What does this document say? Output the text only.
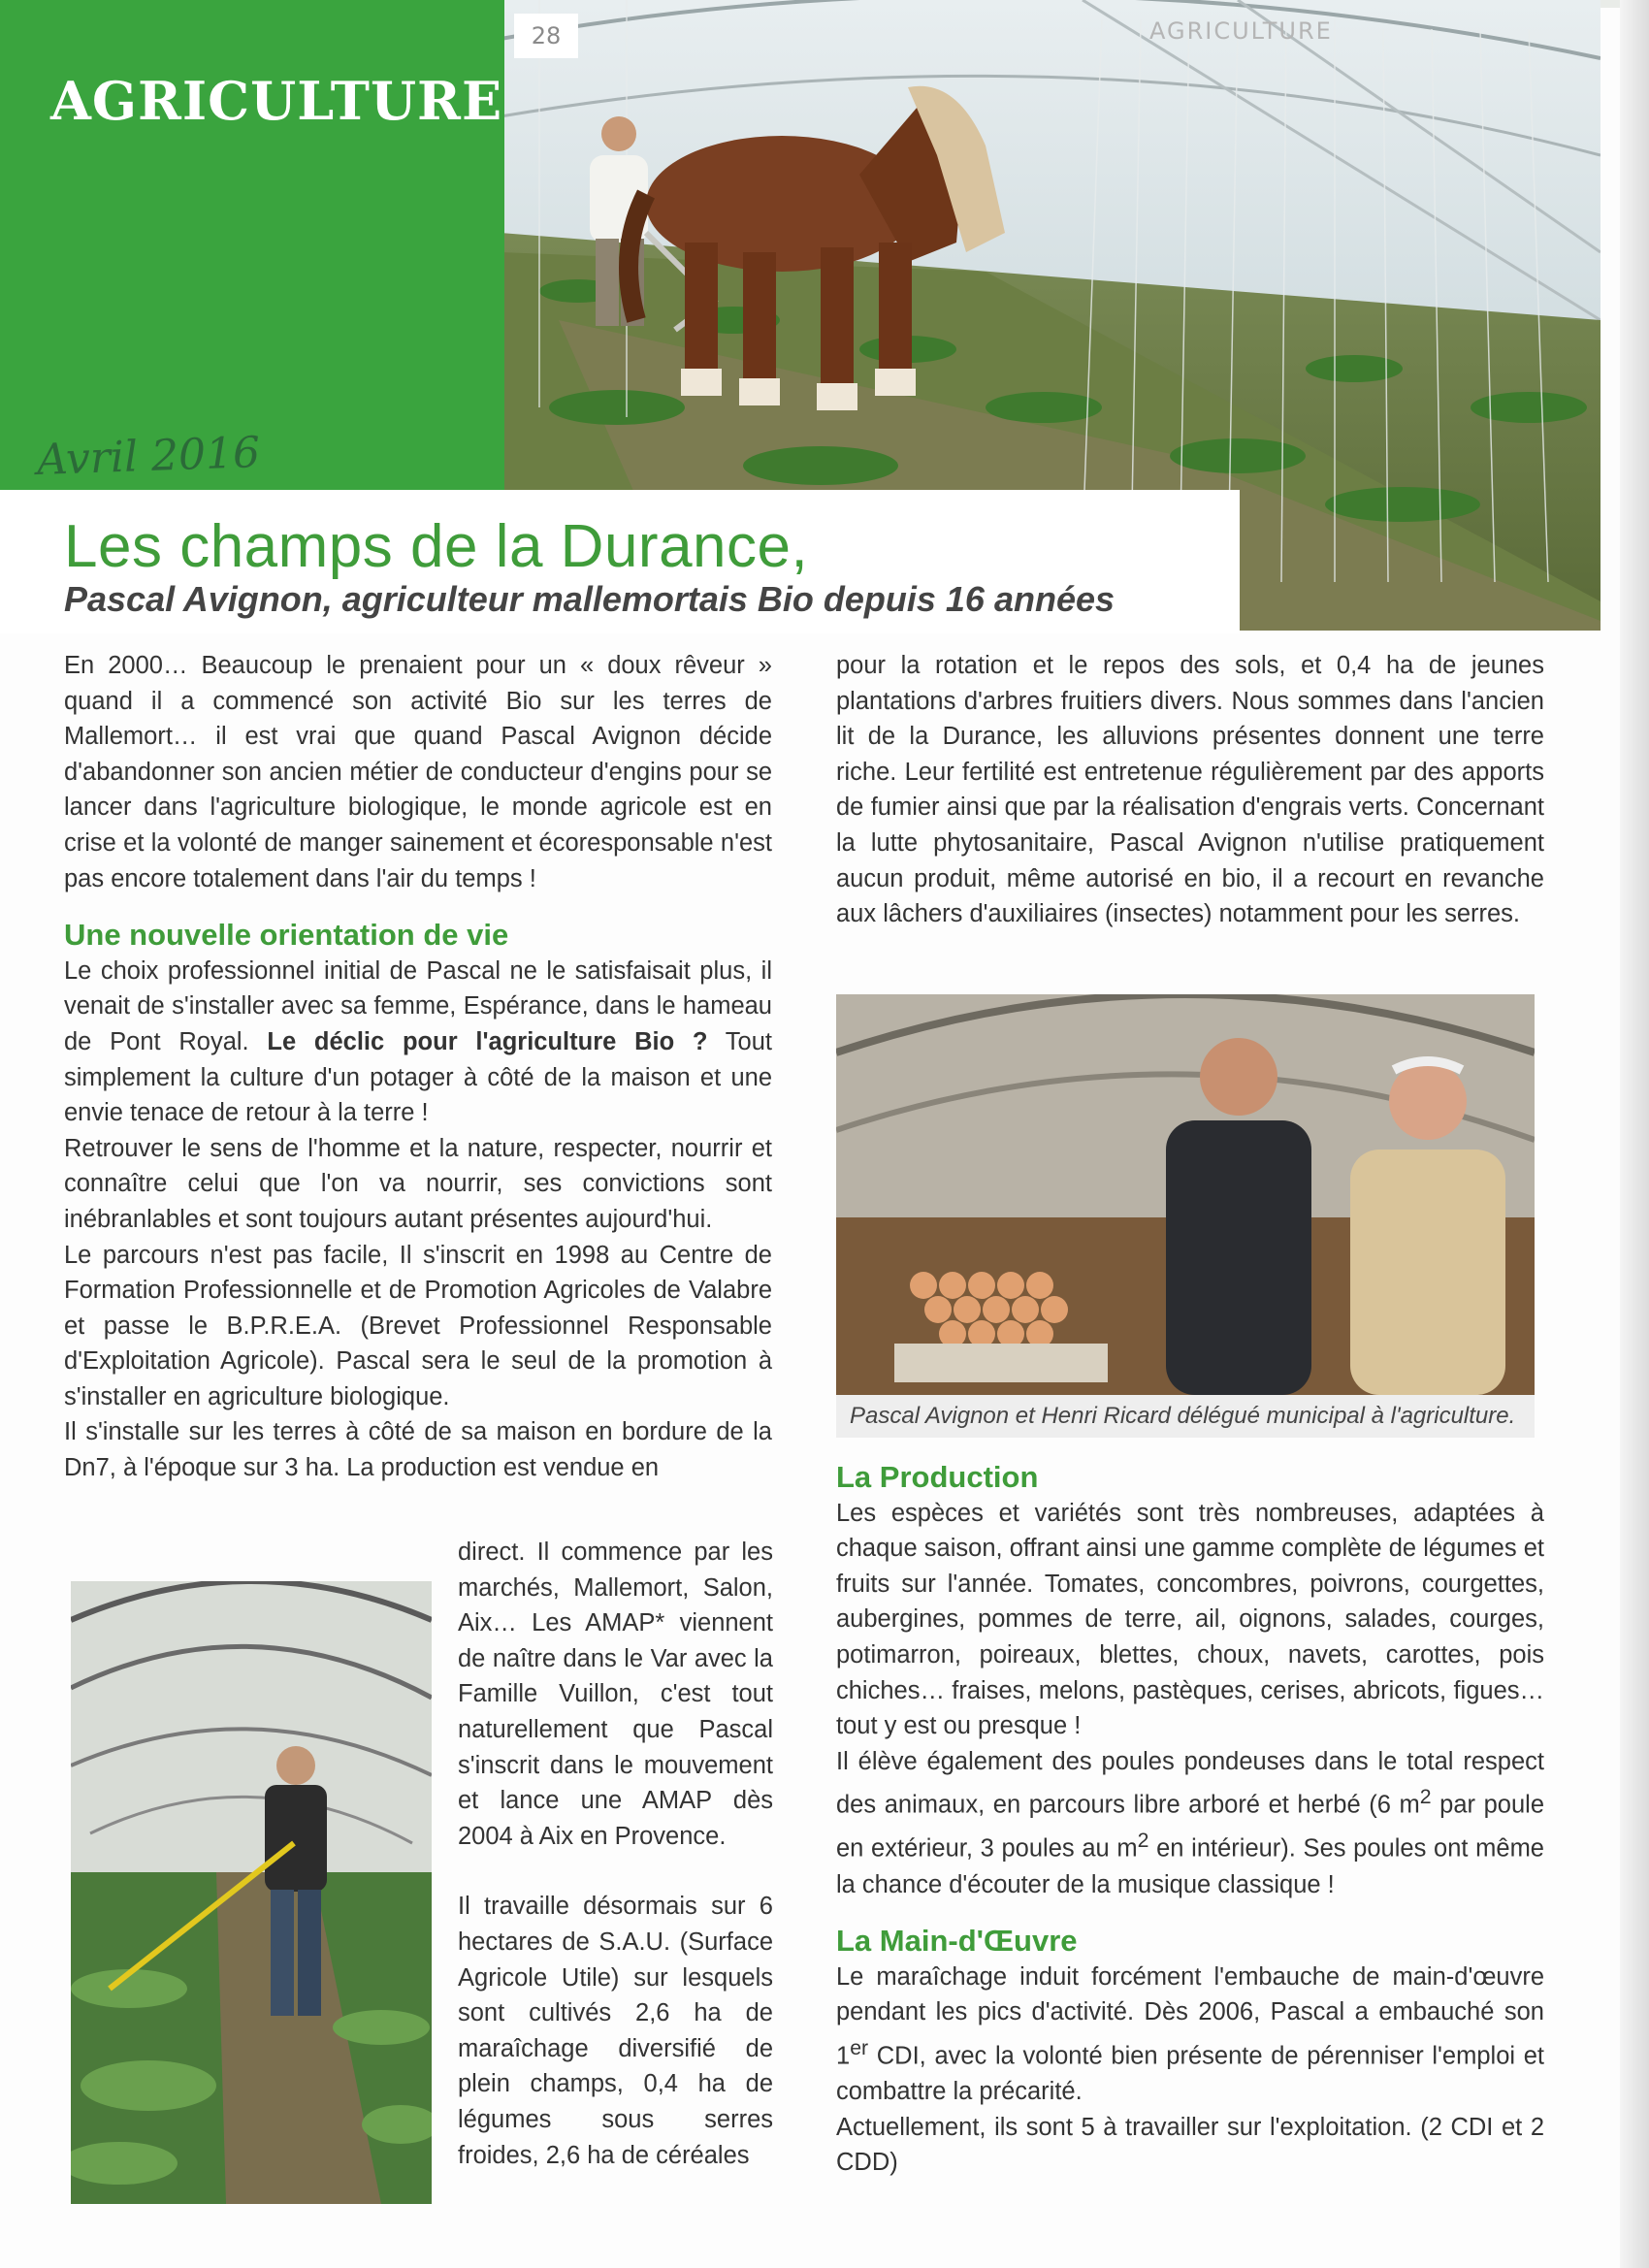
AGRICULTURE
28	AGRICULTURE
Avril 2016
Les champs de la Durance,
Pascal Avignon, agriculteur mallemortais Bio depuis 16 années

En 2000… Beaucoup le prenaient pour un « doux rêveur » quand il a commencé son activité Bio sur les terres de Mallemort… il est vrai que quand Pascal Avignon décide d'abandonner son ancien métier de conducteur d'engins pour se lancer dans l'agriculture biologique, le monde agricole est en crise et la volonté de manger sainement et écoresponsable n'est pas encore totalement dans l'air du temps !

Une nouvelle orientation de vie

Le choix professionnel initial de Pascal ne le satisfaisait plus, il venait de s'installer avec sa femme, Espérance, dans le hameau de Pont Royal. Le déclic pour l'agriculture Bio ? Tout simplement la culture d'un potager à côté de la maison et une envie tenace de retour à la terre !

Retrouver le sens de l'homme et la nature, respecter, nourrir et connaître celui que l'on va nourrir, ses convictions sont inébranlables et sont toujours autant présentes aujourd'hui.

Le parcours n'est pas facile, Il s'inscrit en 1998 au Centre de Formation Professionnelle et de Promotion Agricoles de Valabre et passe le B.P.R.E.A. (Brevet Professionnel Responsable d'Exploitation Agricole). Pascal sera le seul de la promotion à s'installer en agriculture biologique.

Il s'installe sur les terres à côté de sa maison en bordure de la Dn7, à l'époque sur 3 ha. La production est vendue en

direct. Il commence par les marchés, Mallemort, Salon, Aix… Les AMAP* viennent de naître dans le Var avec la Famille Vuillon, c'est tout naturellement que Pascal s'inscrit dans le mouvement et lance une AMAP dès 2004 à Aix en Provence.

Il travaille désormais sur 6 hectares de S.A.U. (Surface Agricole Utile) sur lesquels sont cultivés 2,6 ha de maraîchage diversifié de plein champs, 0,4 ha de légumes sous serres froides, 2,6 ha de céréales

pour la rotation et le repos des sols, et 0,4 ha de jeunes plantations d'arbres fruitiers divers. Nous sommes dans l'ancien lit de la Durance, les alluvions présentes donnent une terre riche. Leur fertilité est entretenue régulièrement par des apports de fumier ainsi que par la réalisation d'engrais verts. Concernant la lutte phytosanitaire, Pascal Avignon n'utilise pratiquement aucun produit, même autorisé en bio, il a recourt en revanche aux lâchers d'auxiliaires (insectes) notamment pour les serres.

Pascal Avignon et Henri Ricard délégué municipal à l'agriculture.

La Production

Les espèces et variétés sont très nombreuses, adaptées à chaque saison, offrant ainsi une gamme complète de légumes et fruits sur l'année. Tomates, concombres, poivrons, courgettes, aubergines, pommes de terre, ail, oignons, salades, courges, potimarron, poireaux, blettes, choux, navets, carottes, pois chiches… fraises, melons, pastèques, cerises, abricots, figues… tout y est ou presque !

Il élève également des poules pondeuses dans le total respect des animaux, en parcours libre arboré et herbé (6 $m^2$ par poule en extérieur, 3 poules au $m^2$ en intérieur). Ses poules ont même la chance d'écouter de la musique classique !

La Main-d'Œuvre

Le maraîchage induit forcément l'embauche de main-d'œuvre pendant les pics d'activité. Dès 2006, Pascal a embauché son 1er CDI, avec la volonté bien présente de pérenniser l'emploi et combattre la précarité.

Actuellement, ils sont 5 à travailler sur l'exploitation. (2 CDI et 2 CDD)
